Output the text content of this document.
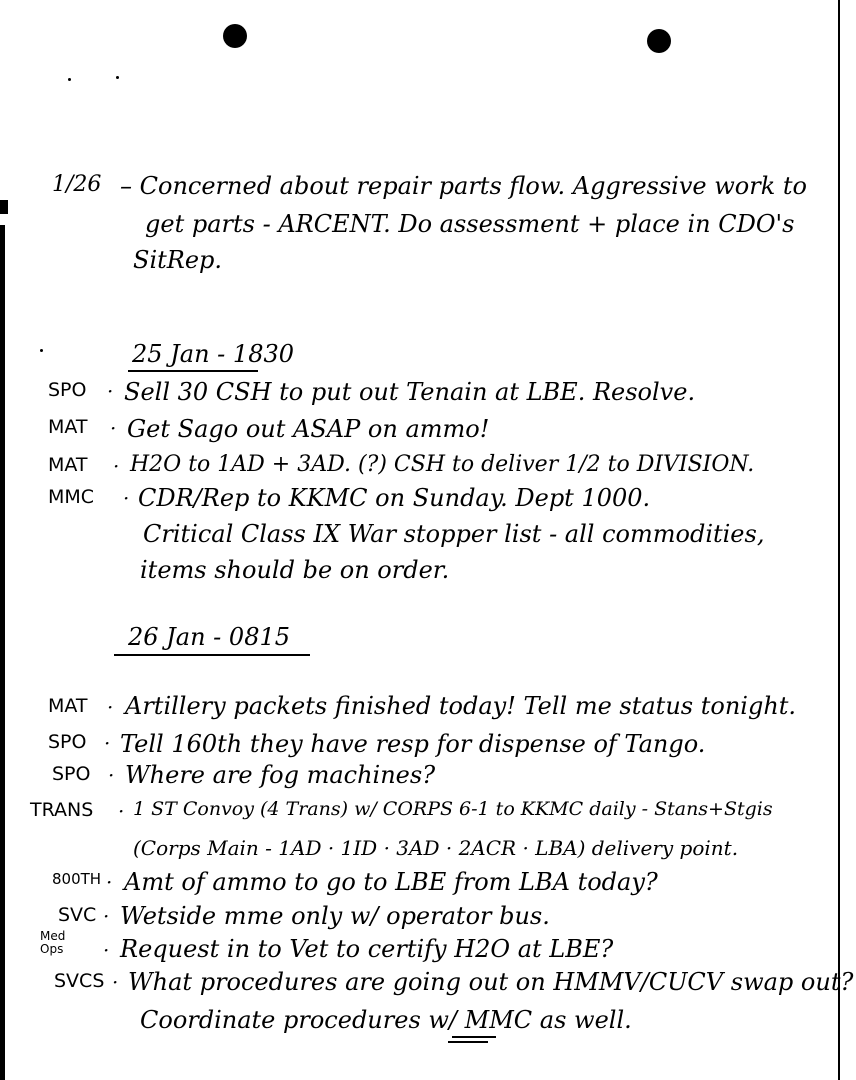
1/26 – Concerned about repair parts flow. Aggressive work to
get parts - ARCENT. Do assessment + place in CDO's
SitRep.
25 Jan - 1830
SPO · Sell 30 CSH to put out Tenain at LBE. Resolve.
MAT · Get Sago out ASAP on ammo!
MAT · H2O to 1AD + 3AD. (?) CSH to deliver 1/2 to DIVISION.
MMC · CDR/Rep to KKMC on Sunday. Dept 1000.
Critical Class IX War stopper list - all commodities,
items should be on order.
26 Jan - 0815
MAT · Artillery packets finished today! Tell me status tonight.
SPO · Tell 160th they have resp for dispense of Tango.
SPO · Where are fog machines?
TRANS · 1 ST Convoy (4 Trans) w/ CORPS 6-1 to KKMC daily - Stans+Stgis
(Corps Main - 1AD · 1ID · 3AD · 2ACR · LBA) delivery point.
800TH · Amt of ammo to go to LBE from LBA today?
SVC · Wetside mme only w/ operator bus.
Med Ops	· Request in to Vet to certify H2O at LBE?
SVCS · What procedures are going out on HMMV/CUCV swap out?
Coordinate procedures w/ MMC as well.
